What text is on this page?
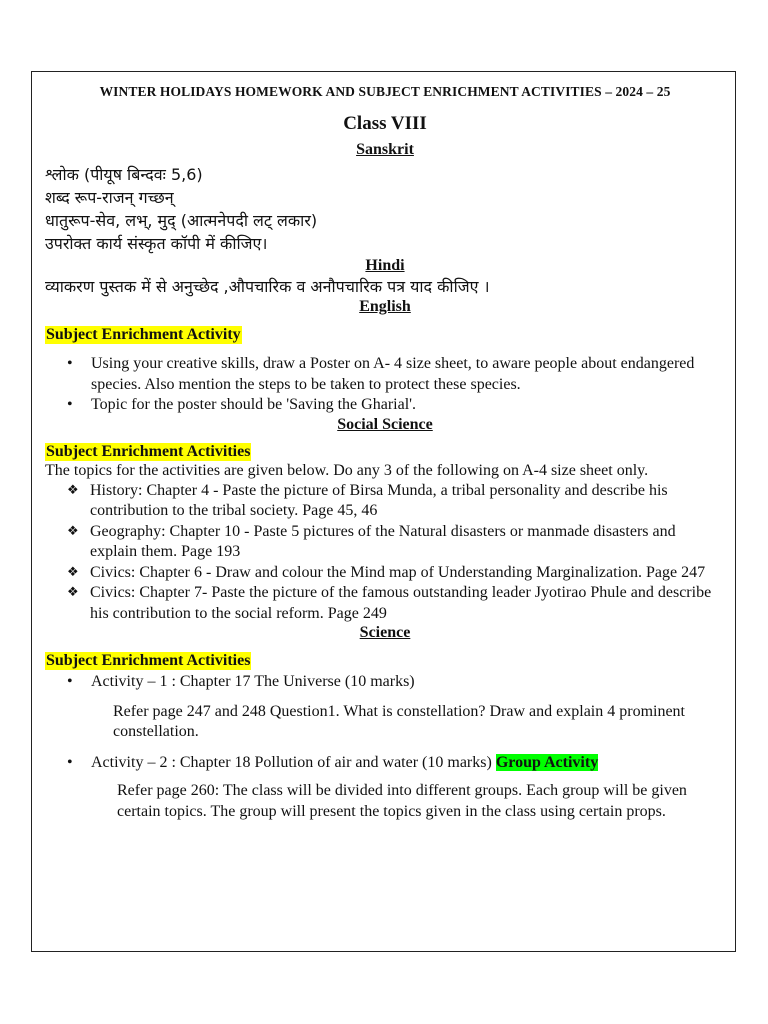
WINTER HOLIDAYS HOMEWORK AND SUBJECT ENRICHMENT ACTIVITIES – 2024 – 25
Class VIII
Sanskrit
श्लोक (पीयूष बिन्दवः 5,6)
शब्द रूप-राजन् गच्छन्
धातुरूप-सेव, लभ्, मुद् (आत्मनेपदी लट् लकार)
उपरोक्त कार्य संस्कृत कॉपी में कीजिए।
Hindi
व्याकरण पुस्तक में से अनुच्छेद ,औपचारिक व अनौपचारिक पत्र याद कीजिए ।
English
Subject Enrichment Activity
• Using your creative skills, draw a Poster on A- 4 size sheet, to aware people about endangered species. Also mention the steps to be taken to protect these species.
• Topic for the poster should be 'Saving the Gharial'.
Social Science
Subject Enrichment Activities
The topics for the activities are given below. Do any 3 of the following on A-4 size sheet only.
❖ History: Chapter 4 - Paste the picture of Birsa Munda, a tribal personality and describe his contribution to the tribal society. Page 45, 46
❖ Geography: Chapter 10 - Paste 5 pictures of the Natural disasters or manmade disasters and explain them. Page 193
❖ Civics: Chapter 6 - Draw and colour the Mind map of Understanding Marginalization. Page 247
❖ Civics: Chapter 7- Paste the picture of the famous outstanding leader Jyotirao Phule and describe his contribution to the social reform. Page 249
Science
Subject Enrichment Activities
• Activity – 1 : Chapter 17 The Universe (10 marks)
Refer page 247 and 248 Question1. What is constellation? Draw and explain 4 prominent constellation.
• Activity – 2 : Chapter 18 Pollution of air and water (10 marks) Group Activity
Refer page 260: The class will be divided into different groups. Each group will be given certain topics. The group will present the topics given in the class using certain props.
